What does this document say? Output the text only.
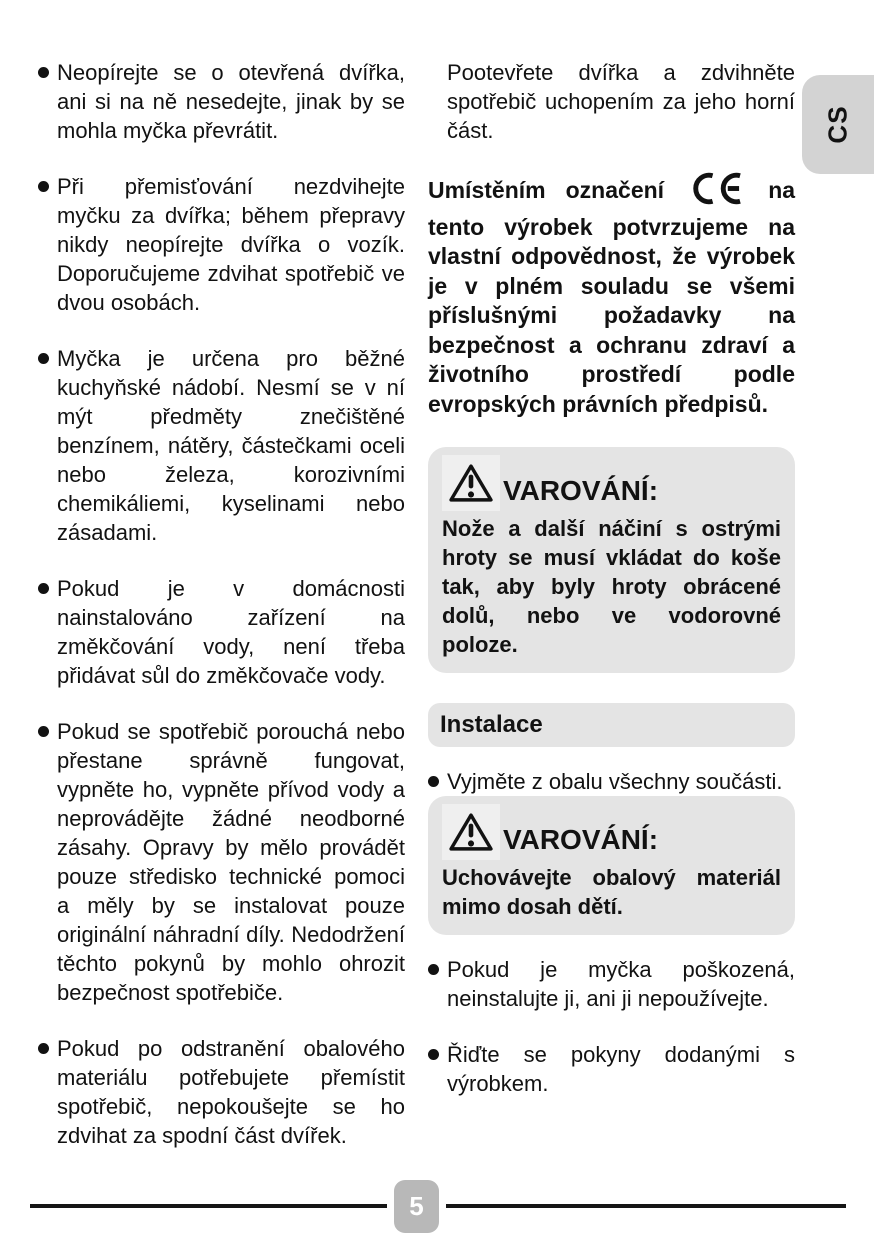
CS
Neopírejte se o otevřená dvířka, ani si na ně nesedejte, jinak by se mohla myčka převrátit.
Při přemisťování nezdvihejte myčku za dvířka; během přepravy nikdy neopírejte dvířka o vozík. Doporučujeme zdvihat spotřebič ve dvou osobách.
Myčka je určena pro běžné kuchyňské nádobí. Nesmí se v ní mýt předměty znečištěné benzínem, nátěry, částečkami oceli nebo železa, korozivními chemikáliemi, kyselinami nebo zásadami.
Pokud je v domácnosti nainstalováno zařízení na změkčování vody, není třeba přidávat sůl do změkčovače vody.
Pokud se spotřebič porouchá nebo přestane správně fungovat, vypněte ho, vypněte přívod vody a neprovádějte žádné neodborné zásahy. Opravy by mělo provádět pouze středisko technické pomoci a měly by se instalovat pouze originální náhradní díly. Nedodržení těchto pokynů by mohlo ohrozit bezpečnost spotřebiče.
Pokud po odstranění obalového materiálu potřebujete přemístit spotřebič, nepokoušejte se ho zdvihat za spodní část dvířek.

Pootevřete dvířka a zdvihněte spotřebič uchopením za jeho horní část.

Umístěním označení	na tento výrobek potvrzujeme na vlastní odpovědnost, že výrobek je v plném souladu se všemi příslušnými požadavky na bezpečnost a ochranu zdraví a životního prostředí podle evropských právních předpisů.

VAROVÁNÍ:

Nože a další náčiní s ostrými hroty se musí vkládat do koše tak, aby byly hroty obrácené dolů, nebo ve vodorovné poloze.

Instalace
Vyjměte z obalu všechny součásti.
VAROVÁNÍ:

Uchovávejte obalový materiál mimo dosah dětí.

Pokud je myčka poškozená, neinstalujte ji, ani ji nepoužívejte.
Řiďte se pokyny dodanými s výrobkem.
5
